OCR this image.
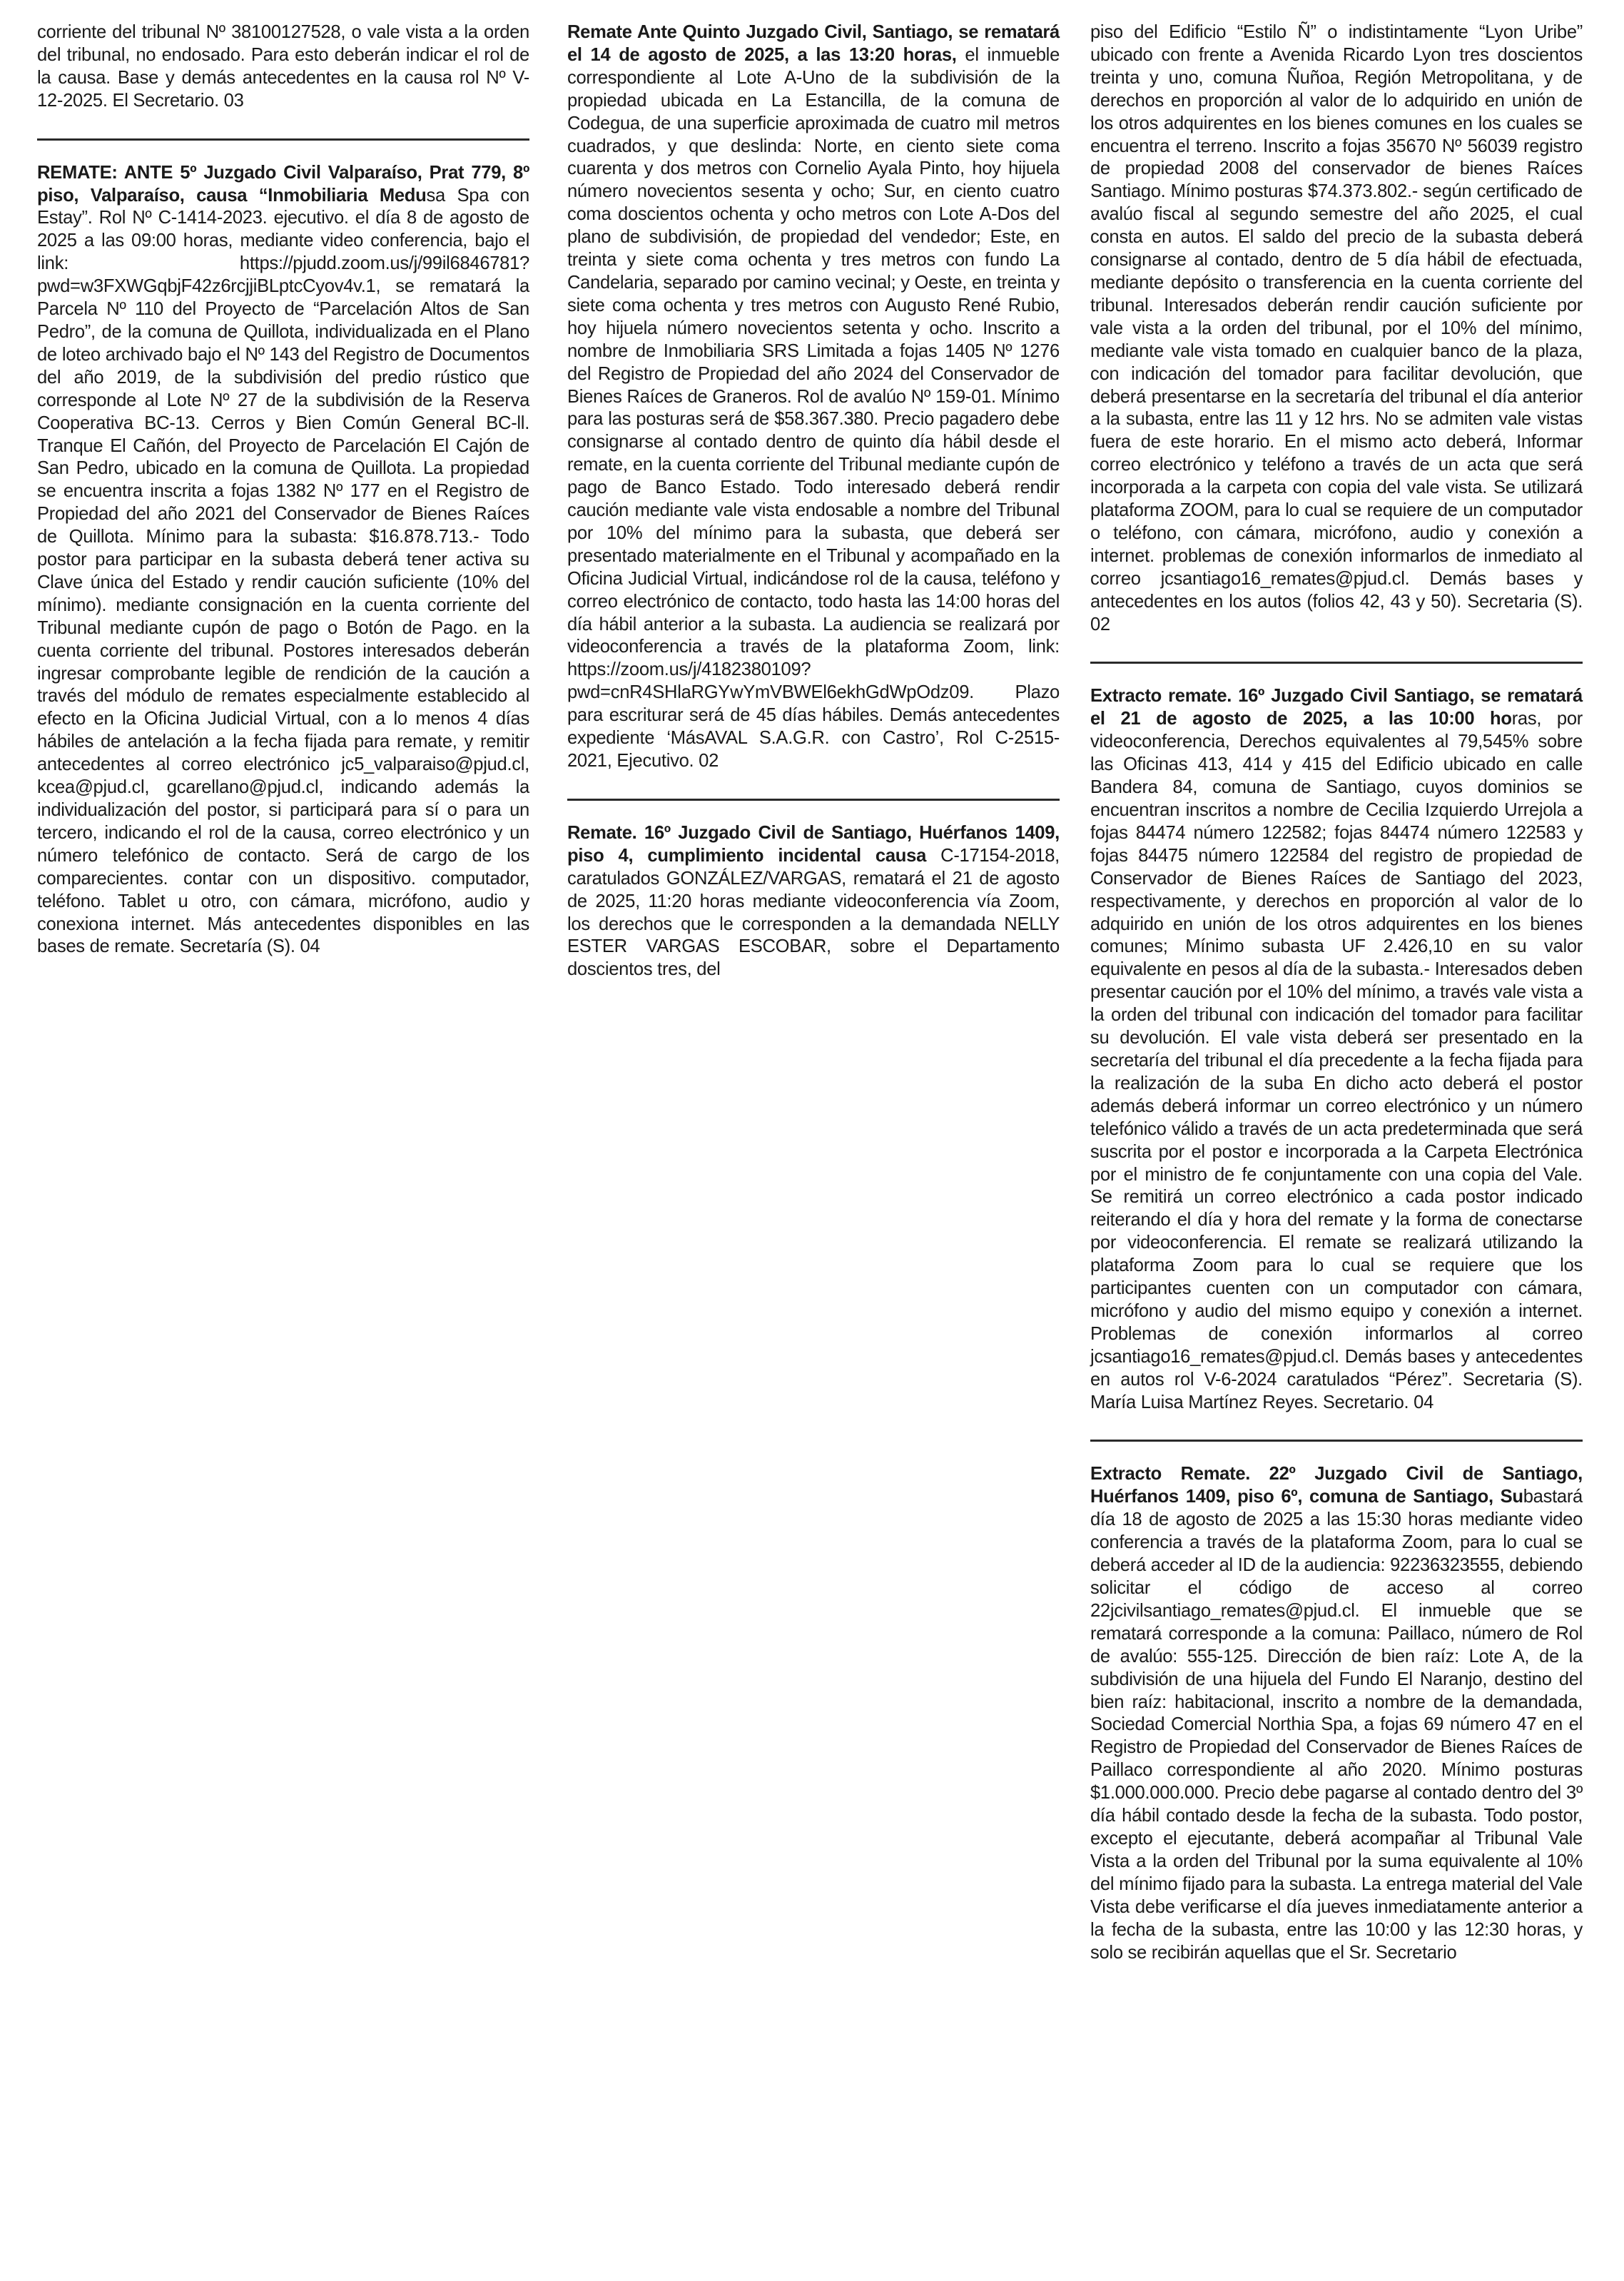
corriente del tribunal Nº 38100127528, o vale vista a la orden del tribunal, no endosado. Para esto deberán indicar el rol de la causa. Base y demás antecedentes en la causa rol Nº V-12-2025. El Secretario. 03

REMATE: ANTE 5º Juzgado Civil Valparaíso, Prat 779, 8º piso, Valparaíso, causa “Inmobiliaria Medusa Spa con Estay”. Rol Nº C-1414-2023. ejecutivo. el día 8 de agosto de 2025 a las 09:00 horas, mediante video conferencia, bajo el link: https://pjudd.zoom.us/j/99il6846781?pwd=w3FXWGqbjF42z6rcjjiBLptcCyov4v.1, se rematará la Parcela Nº 110 del Proyecto de “Parcelación Altos de San Pedro”, de la comuna de Quillota, individualizada en el Plano de loteo archivado bajo el Nº 143 del Registro de Documentos del año 2019, de la subdivisión del predio rústico que corresponde al Lote Nº 27 de la subdivisión de la Reserva Cooperativa BC-13. Cerros y Bien Común General BC-ll. Tranque El Cañón, del Proyecto de Parcelación El Cajón de San Pedro, ubicado en la comuna de Quillota. La propiedad se encuentra inscrita a fojas 1382 Nº 177 en el Registro de Propiedad del año 2021 del Conservador de Bienes Raíces de Quillota. Mínimo para la subasta: $16.878.713.- Todo postor para participar en la subasta deberá tener activa su Clave única del Estado y rendir caución suficiente (10% del mínimo). mediante consignación en la cuenta corriente del Tribunal mediante cupón de pago o Botón de Pago. en la cuenta corriente del tribunal. Postores interesados deberán ingresar comprobante legible de rendición de la caución a través del módulo de remates especialmente establecido al efecto en la Oficina Judicial Virtual, con a lo menos 4 días hábiles de antelación a la fecha fijada para remate, y remitir antecedentes al correo electrónico jc5_valparaiso@pjud.cl, kcea@pjud.cl, gcarellano@pjud.cl, indicando además la individualización del postor, si participará para sí o para un tercero, indicando el rol de la causa, correo electrónico y un número telefónico de contacto. Será de cargo de los comparecientes. contar con un dispositivo. computador, teléfono. Tablet u otro, con cámara, micrófono, audio y conexiona internet. Más antecedentes disponibles en las bases de remate. Secretaría (S). 04

Remate Ante Quinto Juzgado Civil, Santiago, se rematará el 14 de agosto de 2025, a las 13:20 horas, el inmueble correspondiente al Lote A-Uno de la subdivisión de la propiedad ubicada en La Estancilla, de la comuna de Codegua, de una superficie aproximada de cuatro mil metros cuadrados, y que deslinda: Norte, en ciento siete coma cuarenta y dos metros con Cornelio Ayala Pinto, hoy hijuela número novecientos sesenta y ocho; Sur, en ciento cuatro coma doscientos ochenta y ocho metros con Lote A-Dos del plano de subdivisión, de propiedad del vendedor; Este, en treinta y siete coma ochenta y tres metros con fundo La Candelaria, separado por camino vecinal; y Oeste, en treinta y siete coma ochenta y tres metros con Augusto René Rubio, hoy hijuela número novecientos setenta y ocho. Inscrito a nombre de Inmobiliaria SRS Limitada a fojas 1405 Nº 1276 del Registro de Propiedad del año 2024 del Conservador de Bienes Raíces de Graneros. Rol de avalúo Nº 159-01. Mínimo para las posturas será de $58.367.380. Precio pagadero debe consignarse al contado dentro de quinto día hábil desde el remate, en la cuenta corriente del Tribunal mediante cupón de pago de Banco Estado. Todo interesado deberá rendir caución mediante vale vista endosable a nombre del Tribunal por 10% del mínimo para la subasta, que deberá ser presentado materialmente en el Tribunal y acompañado en la Oficina Judicial Virtual, indicándose rol de la causa, teléfono y correo electrónico de contacto, todo hasta las 14:00 horas del día hábil anterior a la subasta. La audiencia se realizará por videoconferencia a través de la plataforma Zoom, link: https://zoom.us/j/4182380109?pwd=cnR4SHlaRGYwYmVBWEl6ekhGdWpOdz09. Plazo para escriturar será de 45 días hábiles. Demás antecedentes expediente ‘MásAVAL S.A.G.R. con Castro’, Rol C-2515-2021, Ejecutivo. 02

Remate. 16º Juzgado Civil de Santiago, Huérfanos 1409, piso 4, cumplimiento incidental causa C-17154-2018, caratulados GONZÁLEZ/VARGAS, rematará el 21 de agosto de 2025, 11:20 horas mediante videoconferencia vía Zoom, los derechos que le corresponden a la demandada NELLY ESTER VARGAS ESCOBAR, sobre el Departamento doscientos tres, del

piso del Edificio “Estilo Ñ” o indistintamente “Lyon Uribe” ubicado con frente a Avenida Ricardo Lyon tres doscientos treinta y uno, comuna Ñuñoa, Región Metropolitana, y de derechos en proporción al valor de lo adquirido en unión de los otros adquirentes en los bienes comunes en los cuales se encuentra el terreno. Inscrito a fojas 35670 Nº 56039 registro de propiedad 2008 del conservador de bienes Raíces Santiago. Mínimo posturas $74.373.802.- según certificado de avalúo fiscal al segundo semestre del año 2025, el cual consta en autos. El saldo del precio de la subasta deberá consignarse al contado, dentro de 5 día hábil de efectuada, mediante depósito o transferencia en la cuenta corriente del tribunal. Interesados deberán rendir caución suficiente por vale vista a la orden del tribunal, por el 10% del mínimo, mediante vale vista tomado en cualquier banco de la plaza, con indicación del tomador para facilitar devolución, que deberá presentarse en la secretaría del tribunal el día anterior a la subasta, entre las 11 y 12 hrs. No se admiten vale vistas fuera de este horario. En el mismo acto deberá, Informar correo electrónico y teléfono a través de un acta que será incorporada a la carpeta con copia del vale vista. Se utilizará plataforma ZOOM, para lo cual se requiere de un computador o teléfono, con cámara, micrófono, audio y conexión a internet. problemas de conexión informarlos de inmediato al correo jcsantiago16_remates@pjud.cl. Demás bases y antecedentes en los autos (folios 42, 43 y 50). Secretaria (S). 02

Extracto remate. 16º Juzgado Civil Santiago, se rematará el 21 de agosto de 2025, a las 10:00 horas, por videoconferencia, Derechos equivalentes al 79,545% sobre las Oficinas 413, 414 y 415 del Edificio ubicado en calle Bandera 84, comuna de Santiago, cuyos dominios se encuentran inscritos a nombre de Cecilia Izquierdo Urrejola a fojas 84474 número 122582; fojas 84474 número 122583 y fojas 84475 número 122584 del registro de propiedad de Conservador de Bienes Raíces de Santiago del 2023, respectivamente, y derechos en proporción al valor de lo adquirido en unión de los otros adquirentes en los bienes comunes; Mínimo subasta UF 2.426,10 en su valor equivalente en pesos al día de la subasta.- Interesados deben presentar caución por el 10% del mínimo, a través vale vista a la orden del tribunal con indicación del tomador para facilitar su devolución. El vale vista deberá ser presentado en la secretaría del tribunal el día precedente a la fecha fijada para la realización de la suba En dicho acto deberá el postor además deberá informar un correo electrónico y un número telefónico válido a través de un acta predeterminada que será suscrita por el postor e incorporada a la Carpeta Electrónica por el ministro de fe conjuntamente con una copia del Vale. Se remitirá un correo electrónico a cada postor indicado reiterando el día y hora del remate y la forma de conectarse por videoconferencia. El remate se realizará utilizando la plataforma Zoom para lo cual se requiere que los participantes cuenten con un computador con cámara, micrófono y audio del mismo equipo y conexión a internet. Problemas de conexión informarlos al correo jcsantiago16_remates@pjud.cl. Demás bases y antecedentes en autos rol V-6-2024 caratulados “Pérez”. Secretaria (S). María Luisa Martínez Reyes. Secretario. 04

Extracto Remate. 22º Juzgado Civil de Santiago, Huérfanos 1409, piso 6º, comuna de Santiago, Subastará día 18 de agosto de 2025 a las 15:30 horas mediante video conferencia a través de la plataforma Zoom, para lo cual se deberá acceder al ID de la audiencia: 92236323555, debiendo solicitar el código de acceso al correo 22jcivilsantiago_remates@pjud.cl. El inmueble que se rematará corresponde a la comuna: Paillaco, número de Rol de avalúo: 555-125. Dirección de bien raíz: Lote A, de la subdivisión de una hijuela del Fundo El Naranjo, destino del bien raíz: habitacional, inscrito a nombre de la demandada, Sociedad Comercial Northia Spa, a fojas 69 número 47 en el Registro de Propiedad del Conservador de Bienes Raíces de Paillaco correspondiente al año 2020. Mínimo posturas $1.000.000.000. Precio debe pagarse al contado dentro del 3º día hábil contado desde la fecha de la subasta. Todo postor, excepto el ejecutante, deberá acompañar al Tribunal Vale Vista a la orden del Tribunal por la suma equivalente al 10% del mínimo fijado para la subasta. La entrega material del Vale Vista debe verificarse el día jueves inmediatamente anterior a la fecha de la subasta, entre las 10:00 y las 12:30 horas, y solo se recibirán aquellas que el Sr. Secretario
